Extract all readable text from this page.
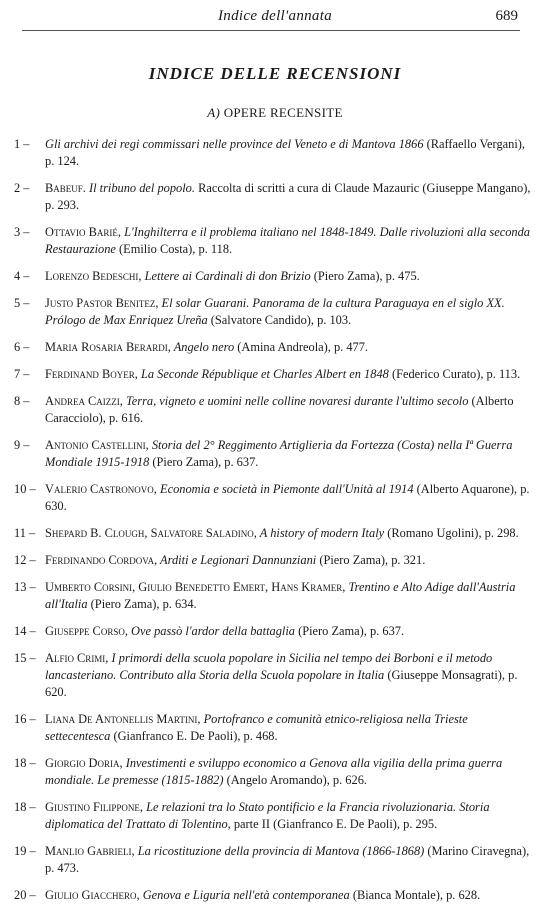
Indice dell'annata	689
INDICE DELLE RECENSIONI
A) OPERE RECENSITE
1 –	Gli archivi dei regi commissari nelle province del Veneto e di Mantova 1866 (Raffaello Vergani), p. 124.
2 –	Babeuf. Il tribuno del popolo. Raccolta di scritti a cura di Claude Mazauric (Giuseppe Mangano), p. 293.
3 –	Ottavio Barié, L'Inghilterra e il problema italiano nel 1848-1849. Dalle rivoluzioni alla seconda Restaurazione (Emilio Costa), p. 118.
4 –	Lorenzo Bedeschi, Lettere ai Cardinali di don Brizio (Piero Zama), p. 475.
5 –	Justo Pastor Benitez, El solar Guarani. Panorama de la cultura Paraguaya en el siglo XX. Prólogo de Max Enriquez Ureña (Salvatore Candido), p. 103.
6 –	Maria Rosaria Berardi, Angelo nero (Amina Andreola), p. 477.
7 –	Ferdinand Boyer, La Seconde République et Charles Albert en 1848 (Federico Curato), p. 113.
8 –	Andrea Caizzi, Terra, vigneto e uomini nelle colline novaresi durante l'ultimo secolo (Alberto Caracciolo), p. 616.
9 –	Antonio Castellini, Storia del 2° Reggimento Artiglieria da Fortezza (Costa) nella Iª Guerra Mondiale 1915-1918 (Piero Zama), p. 637.
10 – Valerio Castronovo, Economia e società in Piemonte dall'Unità al 1914 (Alberto Aquarone), p. 630.
11 – Shepard B. Clough, Salvatore Saladino, A history of modern Italy (Romano Ugolini), p. 298.
12 – Ferdinando Cordova, Arditi e Legionari Dannunziani (Piero Zama), p. 321.
13 – Umberto Corsini, Giulio Benedetto Emert, Hans Kramer, Trentino e Alto Adige dall'Austria all'Italia (Piero Zama), p. 634.
14 – Giuseppe Corso, Ove passò l'ardor della battaglia (Piero Zama), p. 637.
15 – Alfio Crimi, I primordi della scuola popolare in Sicilia nel tempo dei Borboni e il metodo lancasteriano. Contributo alla Storia della Scuola popolare in Italia (Giuseppe Monsagrati), p. 620.
16 – Liana De Antonellis Martini, Portofranco e comunità etnico-religiosa nella Trieste settecentesca (Gianfranco E. De Paoli), p. 468.
18 – Giorgio Doria, Investimenti e sviluppo economico a Genova alla vigilia della prima guerra mondiale. Le premesse (1815-1882) (Angelo Aromando), p. 626.
18 – Giustino Filippone, Le relazioni tra lo Stato pontificio e la Francia rivoluzionaria. Storia diplomatica del Trattato di Tolentino, parte II (Gianfranco E. De Paoli), p. 295.
19 – Manlio Gabrieli, La ricostituzione della provincia di Mantova (1866-1868) (Marino Ciravegna), p. 473.
20 – Giulio Giacchero, Genova e Liguria nell'età contemporanea (Bianca Montale), p. 628.
